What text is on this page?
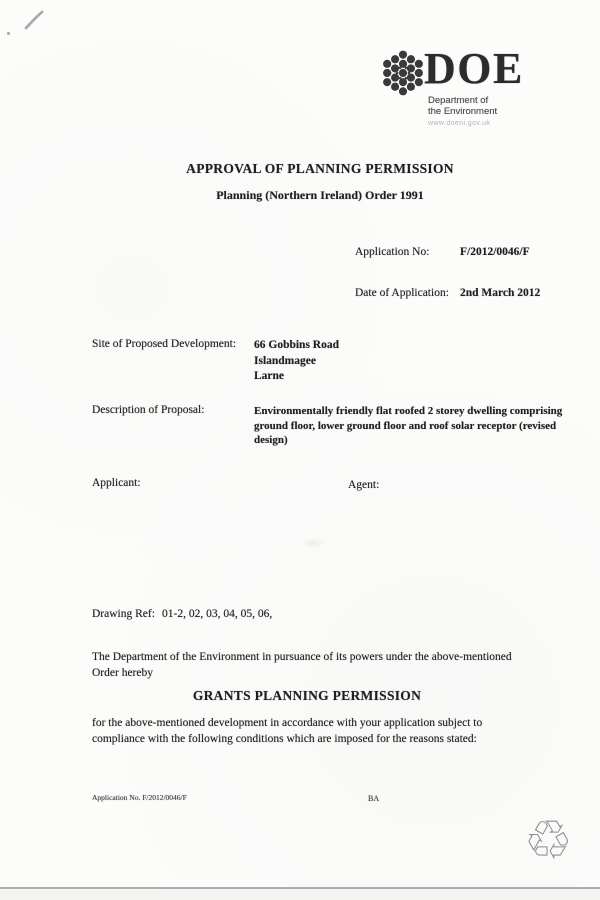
DOE
Department of
the Environment
www.doeni.gov.uk
APPROVAL OF PLANNING PERMISSION
Planning (Northern Ireland) Order 1991
Application No:	F/2012/0046/F
Date of Application: 2nd March 2012
Site of Proposed Development: 66 Gobbins Road
Islandmagee
Larne
Description of Proposal:	Environmentally friendly flat roofed 2 storey dwelling comprising
ground floor, lower ground floor and roof solar receptor (revised
design)
Applicant:	Agent:
Drawing Ref: 01-2, 02, 03, 04, 05, 06,
The Department of the Environment in pursuance of its powers under the above-mentioned
Order hereby
GRANTS PLANNING PERMISSION
for the above-mentioned development in accordance with your application subject to
compliance with the following conditions which are imposed for the reasons stated:
Application No. F/2012/0046/F	BA
♲
